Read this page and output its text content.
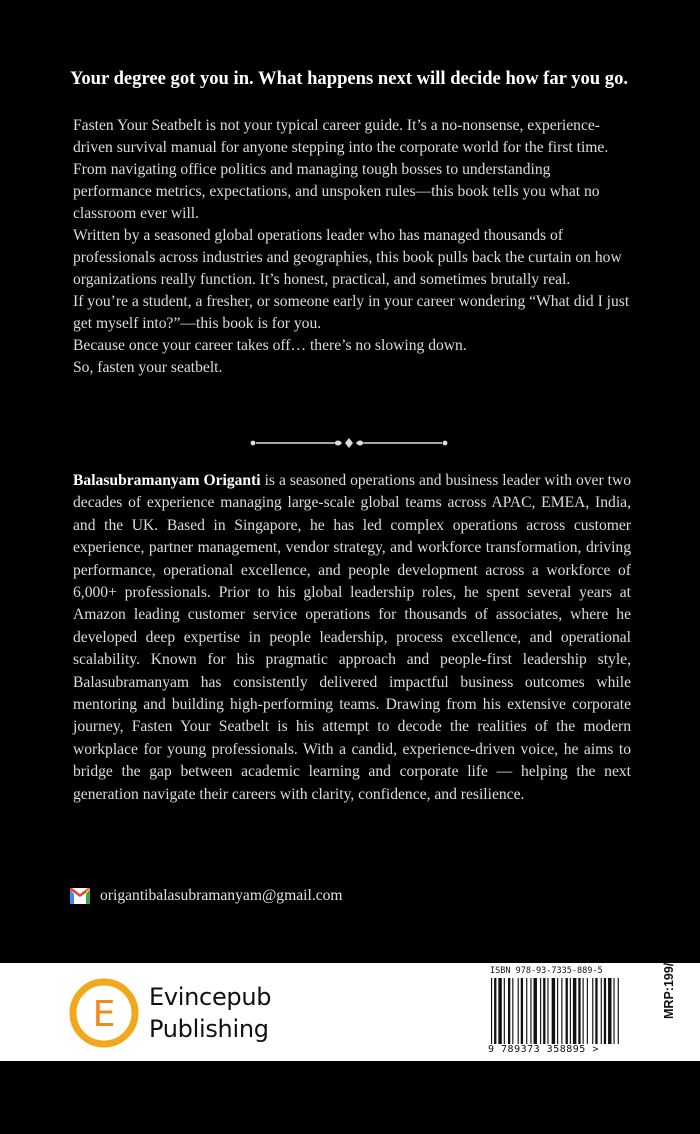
Your degree got you in. What happens next will decide how far you go.

Fasten Your Seatbelt is not your typical career guide. It’s a no-nonsense, experience-driven survival manual for anyone stepping into the corporate world for the first time. From navigating office politics and managing tough bosses to understanding performance metrics, expectations, and unspoken rules—this book tells you what no classroom ever will.

Written by a seasoned global operations leader who has managed thousands of professionals across industries and geographies, this book pulls back the curtain on how organizations really function. It’s honest, practical, and sometimes brutally real.

If you’re a student, a fresher, or someone early in your career wondering “What did I just get myself into?”—this book is for you.

Because once your career takes off… there’s no slowing down.

So, fasten your seatbelt.

Balasubramanyam Origanti is a seasoned operations and business leader with over two decades of experience managing large-scale global teams across APAC, EMEA, India, and the UK. Based in Singapore, he has led complex operations across customer experience, partner management, vendor strategy, and workforce transformation, driving performance, operational excellence, and people development across a workforce of 6,000+ professionals. Prior to his global leadership roles, he spent several years at Amazon leading customer service operations for thousands of associates, where he developed deep expertise in people leadership, process excellence, and operational scalability. Known for his pragmatic approach and people-first leadership style, Balasubramanyam has consistently delivered impactful business outcomes while mentoring and building high-performing teams. Drawing from his extensive corporate journey, Fasten Your Seatbelt is his attempt to decode the realities of the modern workplace for young professionals. With a candid, experience-driven voice, he aims to bridge the gap between academic learning and corporate life — helping the next generation navigate their careers with clarity, confidence, and resilience.

origantibalasubramanyam@gmail.com
E Evincepub
Publishing
ISBN 978-93-7335-889-5
9 789373 358895 >
MRP:199/-
